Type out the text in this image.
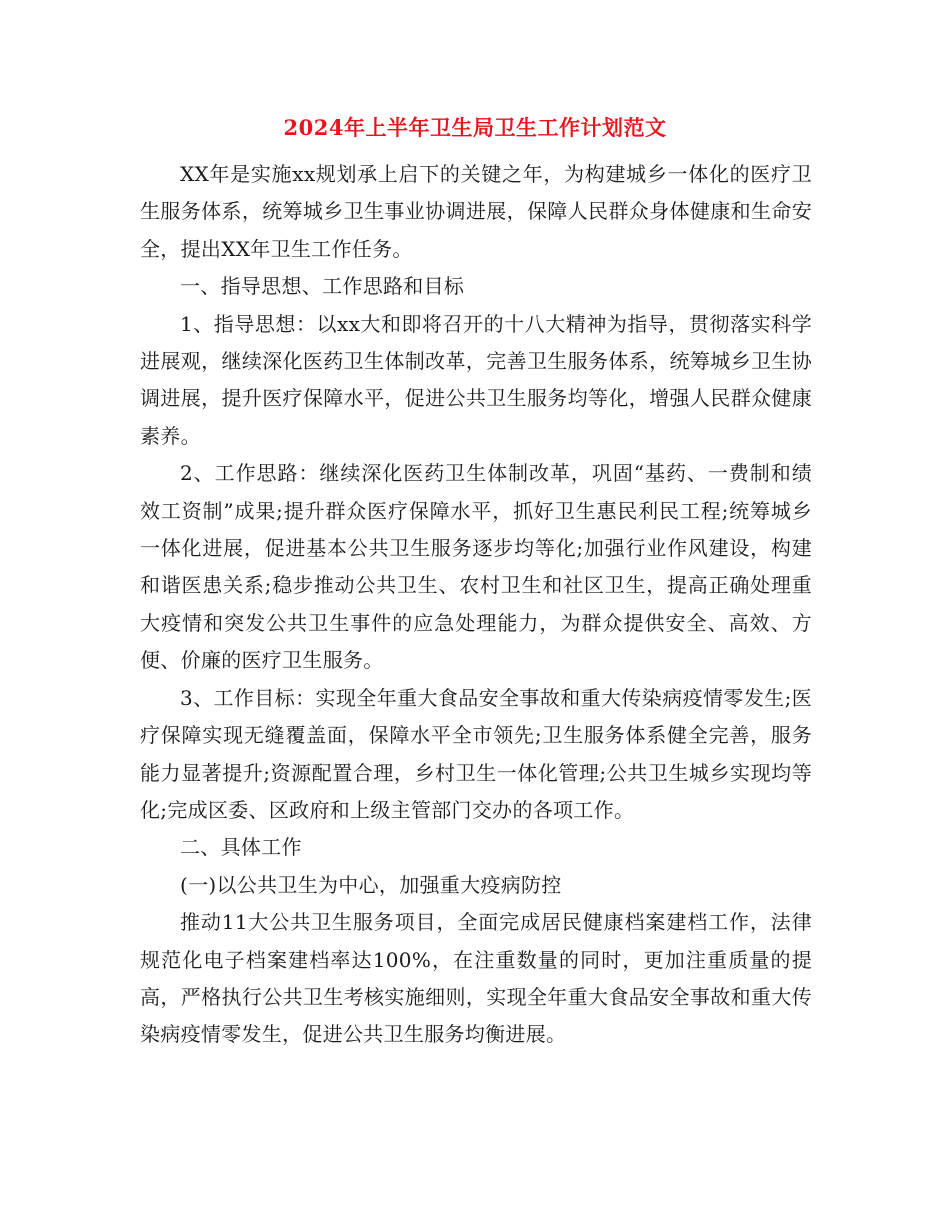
2024年上半年卫生局卫生工作计划范文

XX年是实施xx规划承上启下的关键之年，为构建城乡一体化的医疗卫生服务体系，统筹城乡卫生事业协调进展，保障人民群众身体健康和生命安全，提出XX年卫生工作任务。

一、指导思想、工作思路和目标

1、指导思想：以xx大和即将召开的十八大精神为指导，贯彻落实科学进展观，继续深化医药卫生体制改革，完善卫生服务体系，统筹城乡卫生协调进展，提升医疗保障水平，促进公共卫生服务均等化，增强人民群众健康素养。

2、工作思路：继续深化医药卫生体制改革，巩固“基药、一费制和绩效工资制”成果;提升群众医疗保障水平，抓好卫生惠民利民工程;统筹城乡一体化进展，促进基本公共卫生服务逐步均等化;加强行业作风建设，构建和谐医患关系;稳步推动公共卫生、农村卫生和社区卫生，提高正确处理重大疫情和突发公共卫生事件的应急处理能力，为群众提供安全、高效、方便、价廉的医疗卫生服务。

3、工作目标：实现全年重大食品安全事故和重大传染病疫情零发生;医疗保障实现无缝覆盖面，保障水平全市领先;卫生服务体系健全完善，服务能力显著提升;资源配置合理，乡村卫生一体化管理;公共卫生城乡实现均等化;完成区委、区政府和上级主管部门交办的各项工作。

二、具体工作

(一)以公共卫生为中心，加强重大疫病防控

推动11大公共卫生服务项目，全面完成居民健康档案建档工作，法律规范化电子档案建档率达100%，在注重数量的同时，更加注重质量的提高，严格执行公共卫生考核实施细则，实现全年重大食品安全事故和重大传染病疫情零发生，促进公共卫生服务均衡进展。
